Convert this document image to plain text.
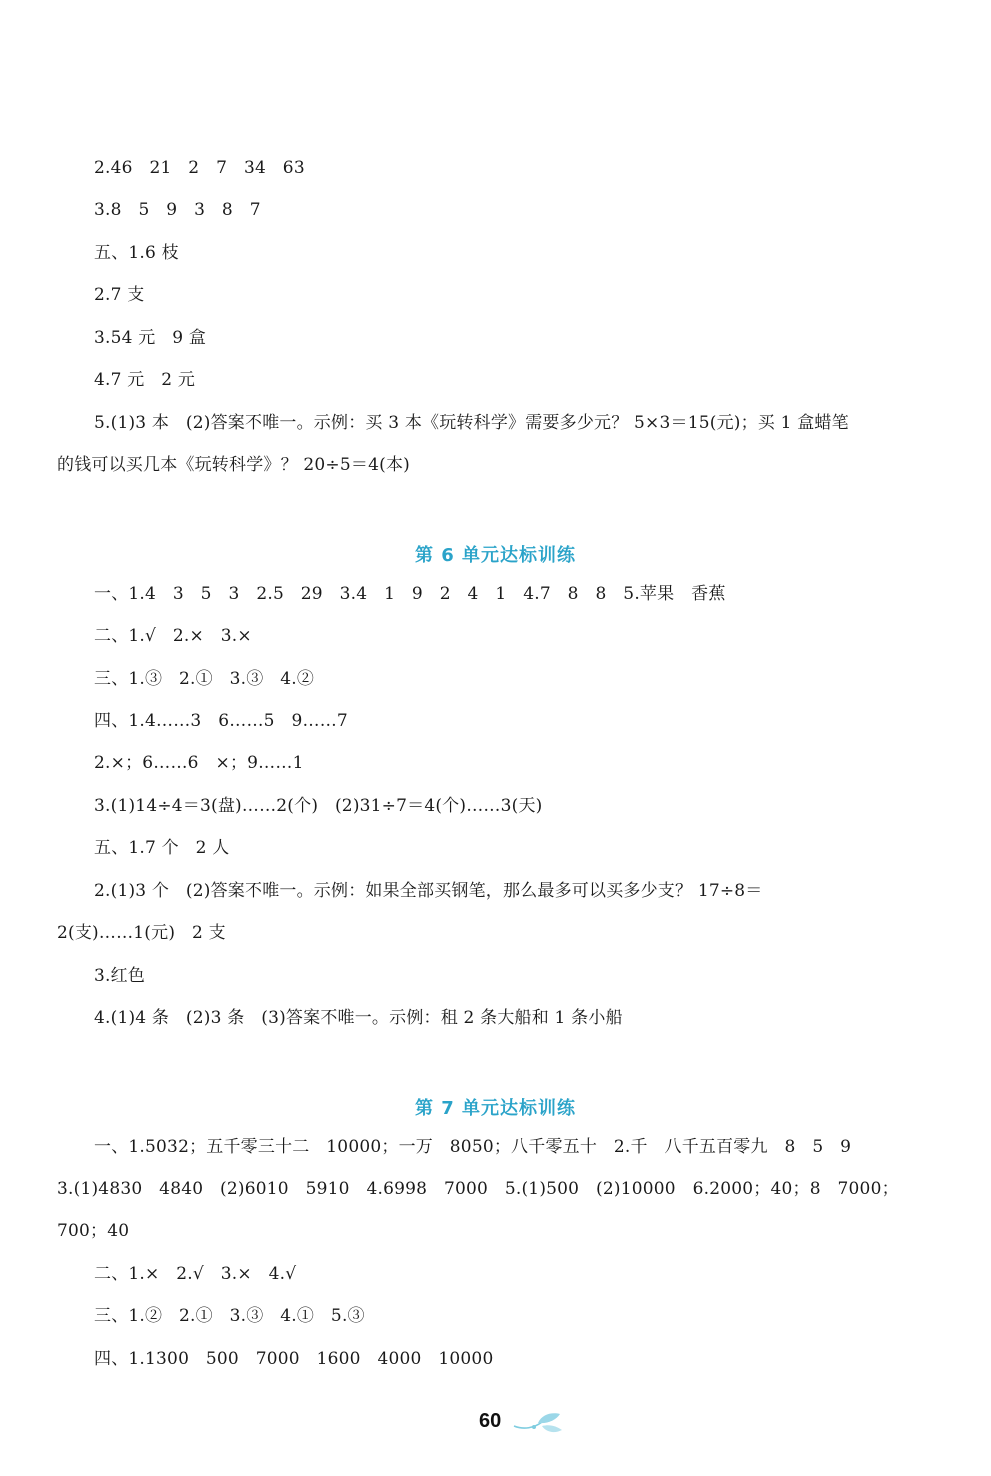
2.46   21   2   7   34   63
3.8   5   9   3   8   7
五、1.6 枝
2.7 支
3.54 元   9 盒
4.7 元   2 元
5.(1)3 本   (2)答案不唯一。示例：买 3 本《玩转科学》需要多少元？ 5×3＝15(元)；买 1 盒蜡笔
的钱可以买几本《玩转科学》？ 20÷5＝4(本)
第 6 单元达标训练
一、1.4   3   5   3   2.5   29   3.4   1   9   2   4   1   4.7   8   8   5.苹果   香蕉
二、1.√   2.×   3.×
三、1.③   2.①   3.③   4.②
四、1.4……3   6……5   9……7
2.×；6……6   ×；9……1
3.(1)14÷4＝3(盘)……2(个)   (2)31÷7＝4(个)……3(天)
五、1.7 个   2 人
2.(1)3 个   (2)答案不唯一。示例：如果全部买钢笔，那么最多可以买多少支？ 17÷8＝
2(支)……1(元)   2 支
3.红色
4.(1)4 条   (2)3 条   (3)答案不唯一。示例：租 2 条大船和 1 条小船
第 7 单元达标训练
一、1.5032；五千零三十二   10000；一万   8050；八千零五十   2.千   八千五百零九   8   5   9
3.(1)4830   4840   (2)6010   5910   4.6998   7000   5.(1)500   (2)10000   6.2000；40；8   7000；
700；40
二、1.×   2.√   3.×   4.√
三、1.②   2.①   3.③   4.①   5.③
四、1.1300   500   7000   1600   4000   10000
60
